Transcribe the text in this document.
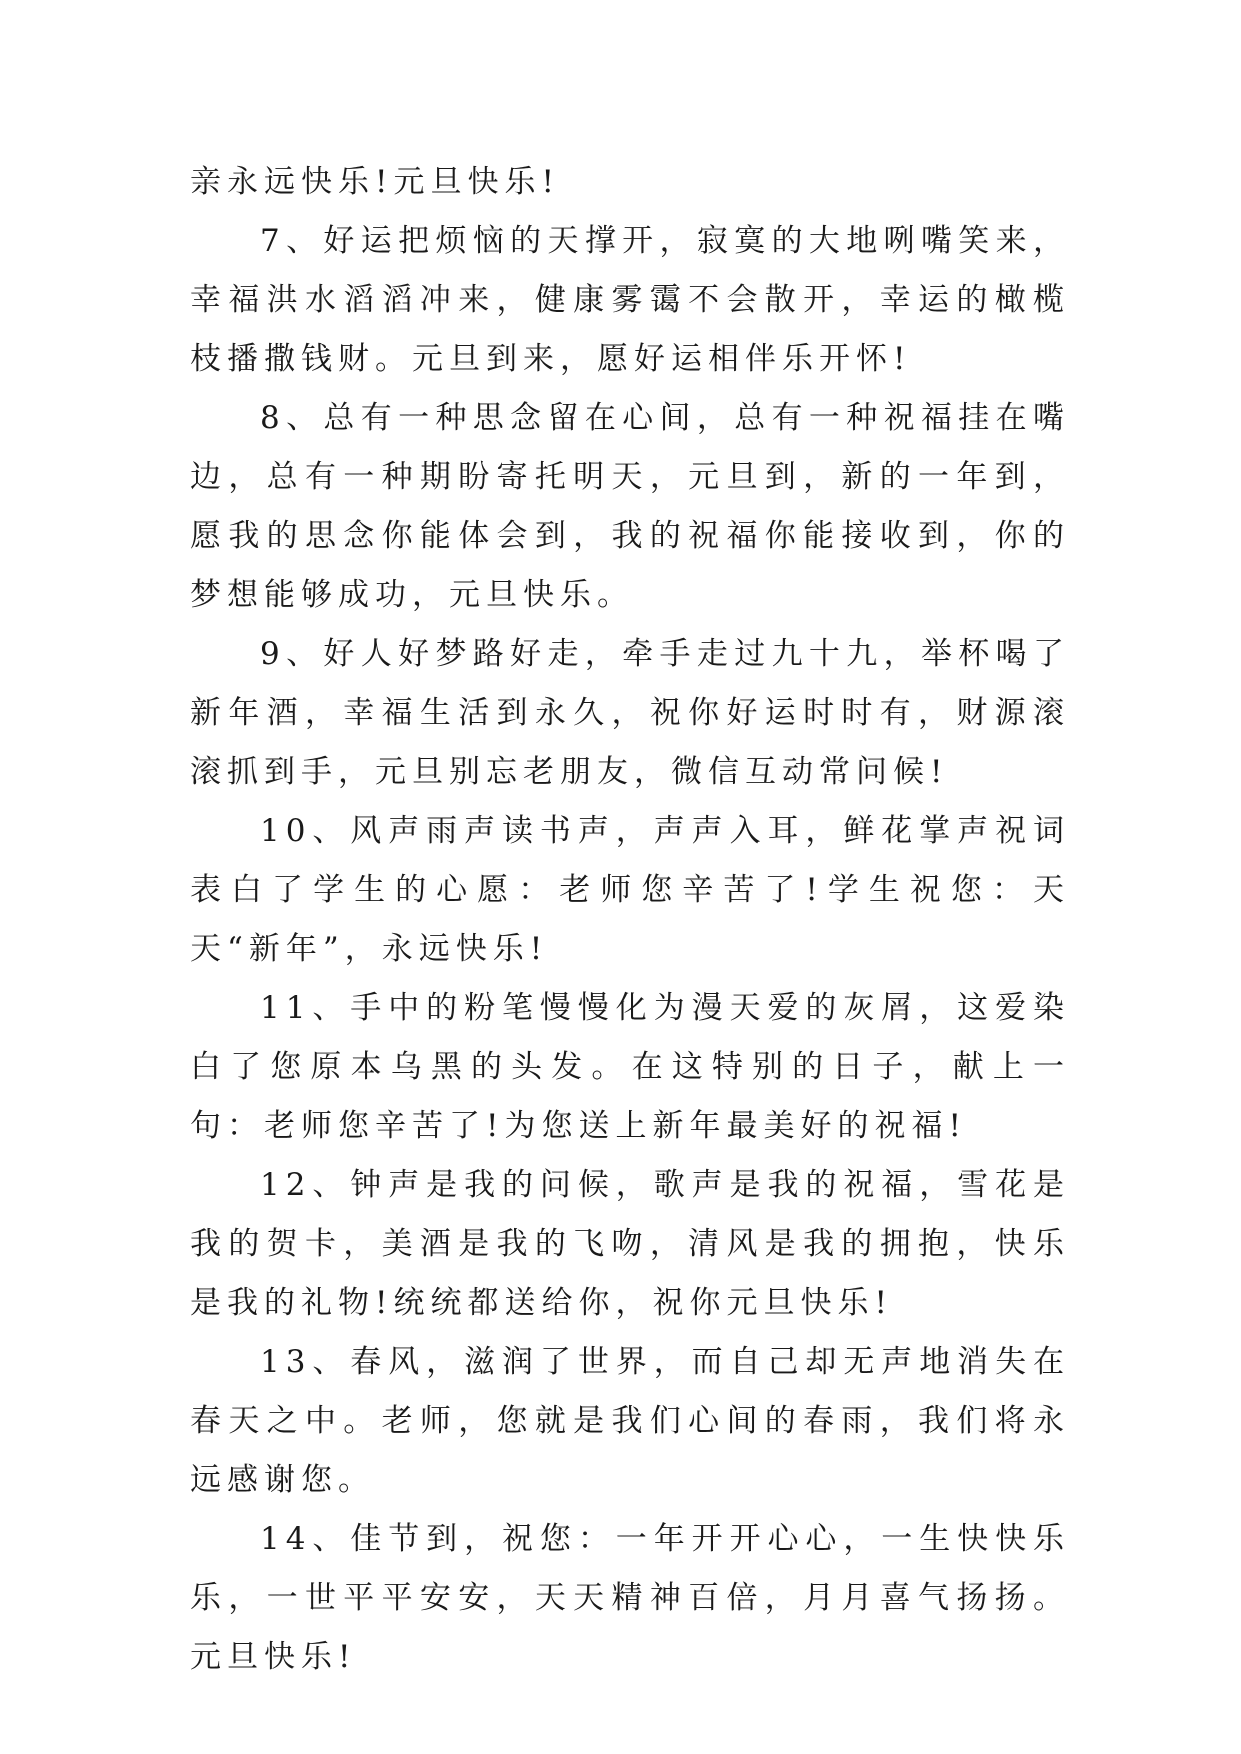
亲永远快乐!元旦快乐!

7、好运把烦恼的天撑开，寂寞的大地咧嘴笑来，幸福洪水滔滔冲来，健康雾霭不会散开，幸运的橄榄枝播撒钱财。元旦到来，愿好运相伴乐开怀!

8、总有一种思念留在心间，总有一种祝福挂在嘴边，总有一种期盼寄托明天，元旦到，新的一年到，愿我的思念你能体会到，我的祝福你能接收到，你的梦想能够成功，元旦快乐。

9、好人好梦路好走，牵手走过九十九，举杯喝了新年酒，幸福生活到永久，祝你好运时时有，财源滚滚抓到手，元旦别忘老朋友，微信互动常问候!

10、风声雨声读书声，声声入耳，鲜花掌声祝词表白了学生的心愿：老师您辛苦了!学生祝您：天天“新年”，永远快乐!

11、手中的粉笔慢慢化为漫天爱的灰屑，这爱染白了您原本乌黑的头发。在这特别的日子，献上一句：老师您辛苦了!为您送上新年最美好的祝福!

12、钟声是我的问候，歌声是我的祝福，雪花是我的贺卡，美酒是我的飞吻，清风是我的拥抱，快乐是我的礼物!统统都送给你，祝你元旦快乐!

13、春风，滋润了世界，而自己却无声地消失在春天之中。老师，您就是我们心间的春雨，我们将永远感谢您。

14、佳节到，祝您：一年开开心心，一生快快乐乐，一世平平安安，天天精神百倍，月月喜气扬扬。元旦快乐!
